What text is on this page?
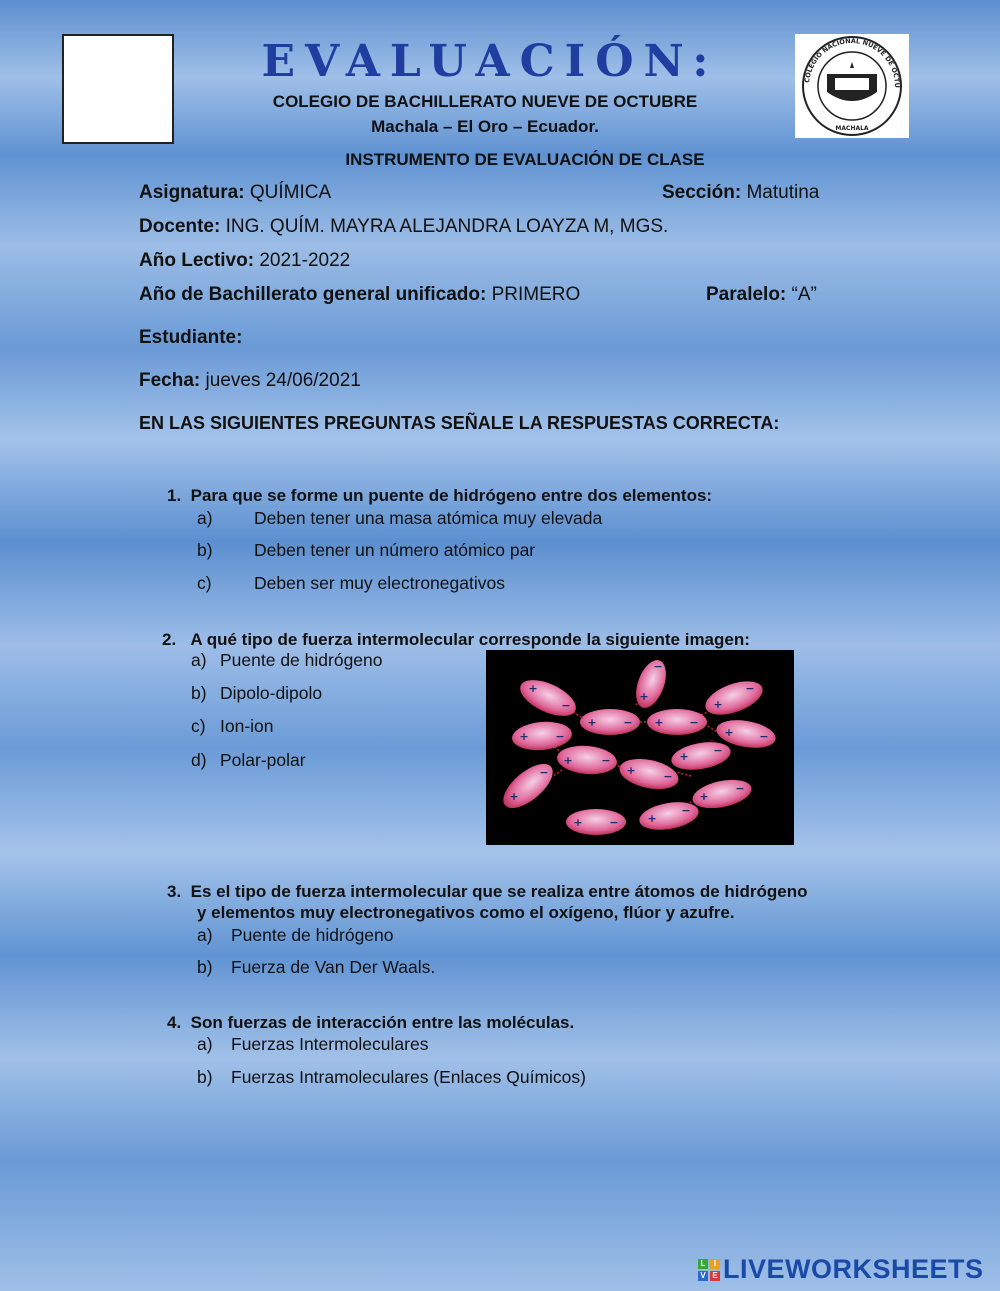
EVALUACIÓN:
COLEGIO DE BACHILLERATO NUEVE DE OCTUBRE
Machala – El Oro – Ecuador.
INSTRUMENTO DE EVALUACIÓN DE CLASE
COLEGIO NACIONAL NUEVE DE OCTU
MACHALA
Asignatura: QUÍMICA	Sección: Matutina
Docente: ING. QUÍM. MAYRA ALEJANDRA LOAYZA M, MGS.
Año Lectivo: 2021-2022
Año de Bachillerato general unificado: PRIMERO	Paralelo: “A”
Estudiante:
Fecha: jueves 24/06/2021
EN LAS SIGUIENTES PREGUNTAS SEÑALE LA RESPUESTAS CORRECTA:
1. Para que se forme un puente de hidrógeno entre dos elementos:
a) Deben tener una masa atómica muy elevada
b) Deben tener un número atómico par
c) Deben ser muy electronegativos
2. A qué tipo de fuerza intermolecular corresponde la siguiente imagen:
a) Puente de hidrógeno
b) Dipolo-dipolo
c) Ion-ion
d) Polar-polar
+
−
+
−
+
−
+ − + −
+ −
+ −
+	−
+	−
+ −
+
−
+
−
+ −	+
−
3. Es el tipo de fuerza intermolecular que se realiza entre átomos de hidrógeno
y elementos muy electronegativos como el oxígeno, flúor y azufre.
a) Puente de hidrógeno
b) Fuerza de Van Der Waals.
4. Son fuerzas de interacción entre las moléculas.
a) Fuerzas Intermoleculares
b) Fuerzas Intramoleculares (Enlaces Químicos)
L	I
V E LIVEWORKSHEETS
